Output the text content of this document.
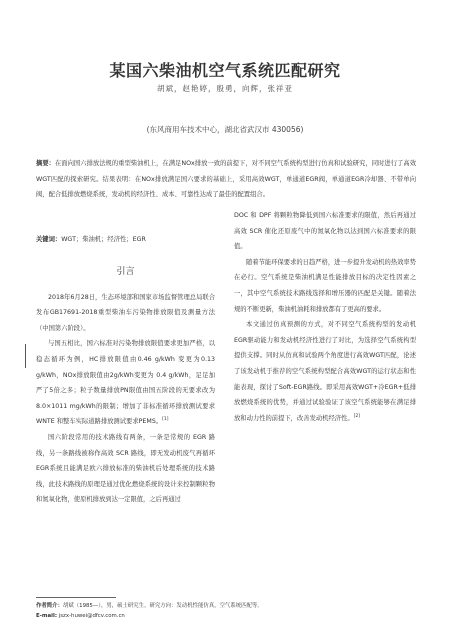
某国六柴油机空气系统匹配研究
胡斌，赵艳婷，殷勇，向辉，张祥亚
(东风商用车技术中心，湖北省武汉市 430056)
摘要：在面向国六排放法规的重型柴油机上，在满足NOx排放一致的前提下，对不同空气系统构型进行仿真和试验研究，同时进行了高效WGT匹配的探索研究。结果表明：在NOx排放满足国六要求的基础上，采用高效WGT，单通道EGR阀，单通道EGR冷却器、不带单向阀，配合低排放燃烧系统，发动机的经济性、成本、可靠性达成了最佳的配置组合。
关键词：WGT；柴油机；经济性；EGR

引言

2018年6月28日，生态环境部和国家市场监督管理总局联合发布GB17691-2018重型柴油车污染物排放限值及测量方法（中国第六阶段）。

与国五相比，国六标准对污染物排放限值要求更加严格，以稳态循环为例，HC排放限值由0.46 g/kWh 变更为0.13 g/kWh，NOx排放限值由2g/kWh变更为 0.4 g/kWh，足足加严了5倍之多；粒子数量排放PN限值由国五阶段的无要求改为 8.0×1011 mg/kWh的限制；增加了非标准循环排放测试要求WNTE 和整车实际道路排放测试要求PEMS。[1]

国六阶段常用的技术路线有两条，一条是常规的 EGR 路线，另一条路线被称作高效 SCR 路线，即无发动机废气再循环EGR系统且能满足欧六排放标准的柴油机后处理系统的技术路线，此技术路线的原理是通过优化燃烧系统的设计来控制颗粒物和氮氧化物，使原机排放到达一定限值，之后再通过

DOC 和 DPF 将颗粒物降低到国六标准要求的限值，然后再通过高效 SCR 催化还原废气中的氮氧化物以达到国六标准要求的限值。

随着节能环保要求的日趋严格，进一步提升发动机的热效率势在必行。空气系统是柴油机满足性能排放目标的决定性因素之一，其中空气系统技术路线选择和增压器的匹配是关键。随着法规的不断更新，柴油机油耗和排放都有了更高的要求。

本文通过仿真预测的方式，对不同空气系统构型的发动机EGR驱动能力和发动机经济性进行了对比，为选择空气系统构型提供支撑。同时从仿真和试验两个角度进行高效WGT匹配，论述了该发动机于推荐的空气系统构型配合高效WGT的运行状态和性能表现，探讨了Soft-EGR路线。即采用高效WGT+冷EGR+低排放燃烧系统的优势，并通过试验验证了该空气系统能够在满足排放和动力性的前提下，改善发动机经济性。[2]

作者简介：胡斌（1985—），男，硕士研究生，研究方向：发动机性能仿真，空气系统匹配等。
E-mail: jszx-huwei@dfcv.com.cn
